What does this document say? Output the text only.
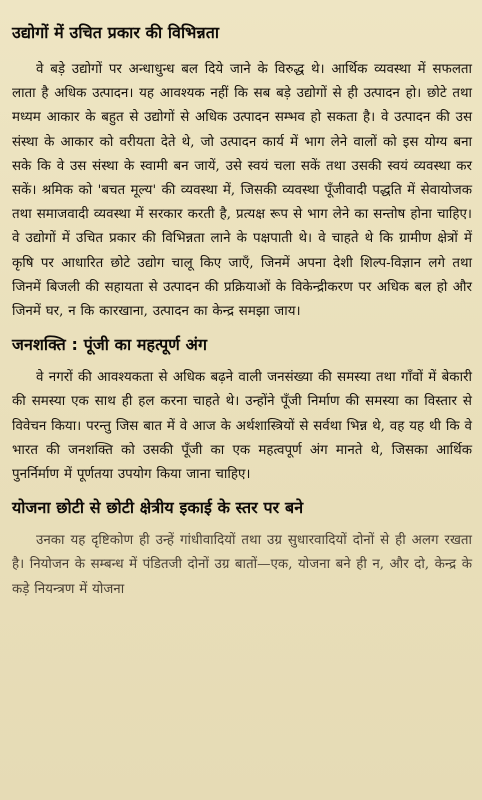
उद्योगों में उचित प्रकार की विभिन्नता

वे बड़े उद्योगों पर अन्धाधुन्ध बल दिये जाने के विरुद्ध थे। आर्थिक व्यवस्था में सफलता लाता है अधिक उत्पादन। यह आवश्यक नहीं कि सब बड़े उद्योगों से ही उत्पादन हो। छोटे तथा मध्यम आकार के बहुत से उद्योगों से अधिक उत्पादन सम्भव हो सकता है। वे उत्पादन की उस संस्था के आकार को वरीयता देते थे, जो उत्पादन कार्य में भाग लेने वालों को इस योग्य बना सके कि वे उस संस्था के स्वामी बन जायें, उसे स्वयं चला सकें तथा उसकी स्वयं व्यवस्था कर सकें। श्रमिक को 'बचत मूल्य' की व्यवस्था में, जिसकी व्यवस्था पूँजीवादी पद्धति में सेवायोजक तथा समाजवादी व्यवस्था में सरकार करती है, प्रत्यक्ष रूप से भाग लेने का सन्तोष होना चाहिए। वे उद्योगों में उचित प्रकार की विभिन्नता लाने के पक्षपाती थे। वे चाहते थे कि ग्रामीण क्षेत्रों में कृषि पर आधारित छोटे उद्योग चालू किए जाएँ, जिनमें अपना देशी शिल्प-विज्ञान लगे तथा जिनमें बिजली की सहायता से उत्पादन की प्रक्रियाओं के विकेन्द्रीकरण पर अधिक बल हो और जिनमें घर, न कि कारखाना, उत्पादन का केन्द्र समझा जाय।

जनशक्ति : पूंजी का महत्पूर्ण अंग

वे नगरों की आवश्यकता से अधिक बढ़ने वाली जनसंख्या की समस्या तथा गाँवों में बेकारी की समस्या एक साथ ही हल करना चाहते थे। उन्होंने पूँजी निर्माण की समस्या का विस्तार से विवेचन किया। परन्तु जिस बात में वे आज के अर्थशास्त्रियों से सर्वथा भिन्न थे, वह यह थी कि वे भारत की जनशक्ति को उसकी पूँजी का एक महत्वपूर्ण अंग मानते थे, जिसका आर्थिक पुनर्निर्माण में पूर्णतया उपयोग किया जाना चाहिए।

योजना छोटी से छोटी क्षेत्रीय इकाई के स्तर पर बने

उनका यह दृष्टिकोण ही उन्हें गांधीवादियों तथा उग्र सुधारवादियों दोनों से ही अलग रखता है। नियोजन के सम्बन्ध में पंडितजी दोनों उग्र बातों—एक, योजना बने ही न, और दो, केन्द्र के कड़े नियन्त्रण में योजना
